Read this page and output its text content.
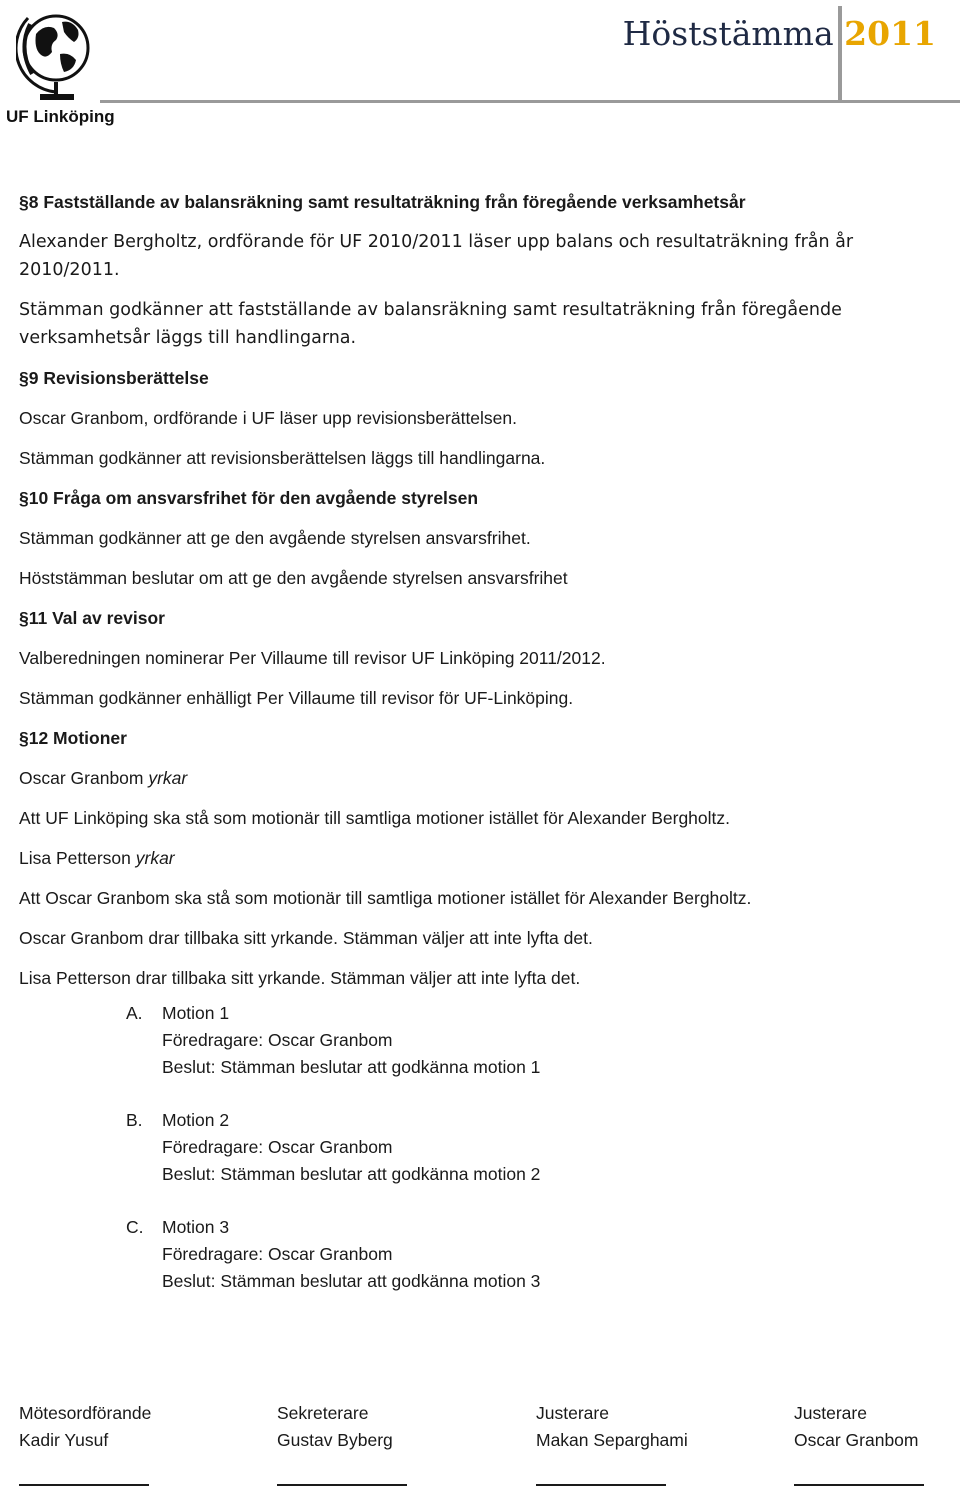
UF Linköping
Höststämma 2011

§8 Fastställande av balansräkning samt resultaträkning från föregående verksamhetsår

Alexander Bergholtz, ordförande för UF 2010/2011 läser upp balans och resultaträkning från år 2010/2011.

Stämman godkänner att fastställande av balansräkning samt resultaträkning från föregående verksamhetsår läggs till handlingarna.

§9 Revisionsberättelse

Oscar Granbom, ordförande i UF läser upp revisionsberättelsen.

Stämman godkänner att revisionsberättelsen läggs till handlingarna.

§10 Fråga om ansvarsfrihet för den avgående styrelsen

Stämman godkänner att ge den avgående styrelsen ansvarsfrihet.

Höststämman beslutar om att ge den avgående styrelsen ansvarsfrihet

§11 Val av revisor

Valberedningen nominerar Per Villaume till revisor UF Linköping 2011/2012.

Stämman godkänner enhälligt Per Villaume till revisor för UF-Linköping.

§12 Motioner

Oscar Granbom yrkar

Att UF Linköping ska stå som motionär till samtliga motioner istället för Alexander Bergholtz.

Lisa Petterson yrkar

Att Oscar Granbom ska stå som motionär till samtliga motioner istället för Alexander Bergholtz.

Oscar Granbom drar tillbaka sitt yrkande. Stämman väljer att inte lyfta det.

Lisa Petterson drar tillbaka sitt yrkande. Stämman väljer att inte lyfta det.

A. Motion 1
Föredragare: Oscar Granbom
Beslut: Stämman beslutar att godkänna motion 1
B. Motion 2
Föredragare: Oscar Granbom
Beslut: Stämman beslutar att godkänna motion 2
C. Motion 3
Föredragare: Oscar Granbom
Beslut: Stämman beslutar att godkänna motion 3
Mötesordförande
Kadir Yusuf
Sekreterare
Gustav Byberg
Justerare
Makan Separghami
Justerare
Oscar Granbom
